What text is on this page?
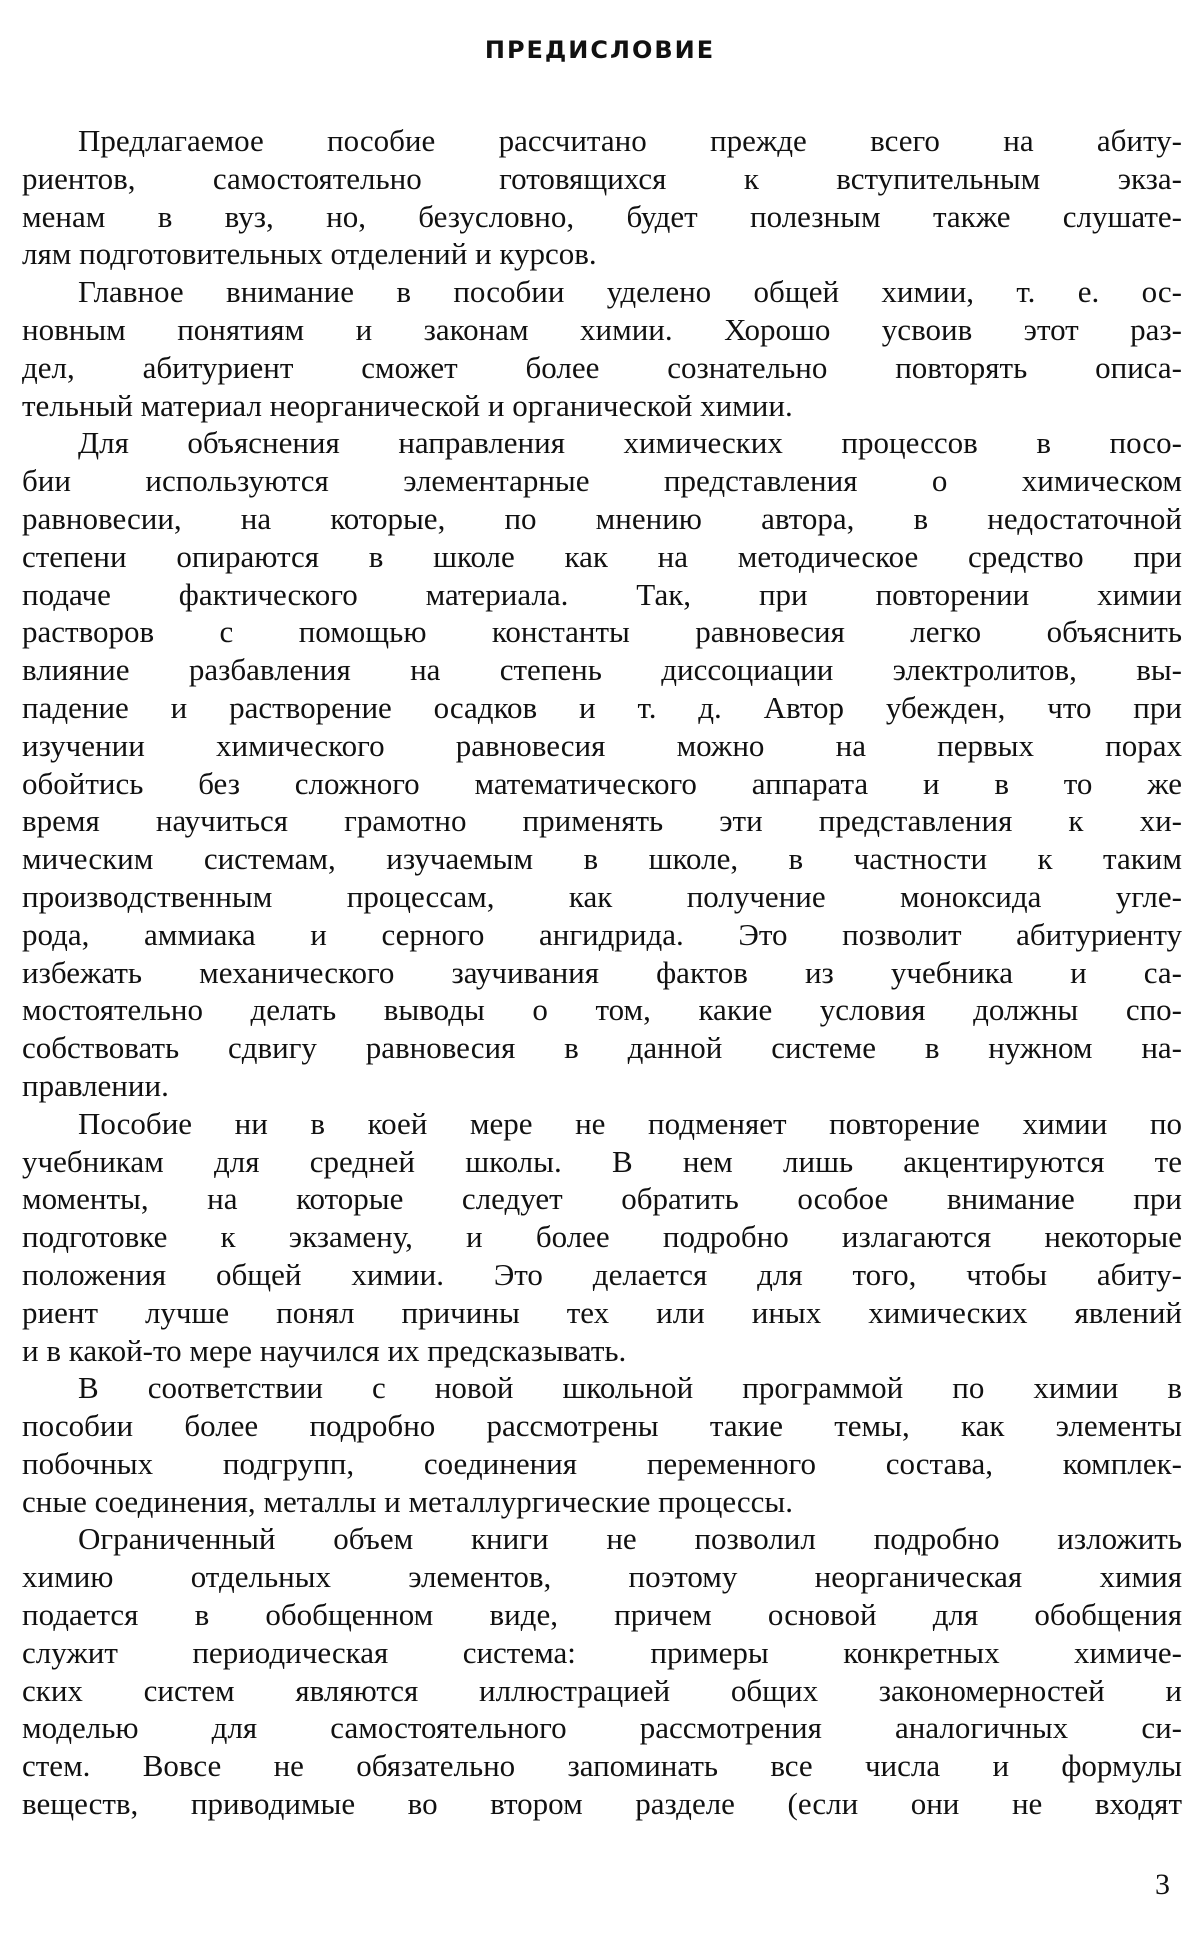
ПРЕДИСЛОВИЕ
Предлагаемое пособие рассчитано прежде всего на абиту-
риентов, самостоятельно готовящихся к вступительным экза-
менам в вуз, но, безусловно, будет полезным также слушате-
лям подготовительных отделений и курсов.
Главное внимание в пособии уделено общей химии, т. е. ос-
новным понятиям и законам химии. Хорошо усвоив этот раз-
дел, абитуриент сможет более сознательно повторять описа-
тельный материал неорганической и органической химии.
Для объяснения направления химических процессов в посо-
бии используются элементарные представления о химическом
равновесии, на которые, по мнению автора, в недостаточной
степени опираются в школе как на методическое средство при
подаче фактического материала. Так, при повторении химии
растворов с помощью константы равновесия легко объяснить
влияние разбавления на степень диссоциации электролитов, вы-
падение и растворение осадков и т. д. Автор убежден, что при
изучении химического равновесия можно на первых порах
обойтись без сложного математического аппарата и в то же
время научиться грамотно применять эти представления к хи-
мическим системам, изучаемым в школе, в частности к таким
производственным процессам, как получение моноксида угле-
рода, аммиака и серного ангидрида. Это позволит абитуриенту
избежать механического заучивания фактов из учебника и са-
мостоятельно делать выводы о том, какие условия должны спо-
собствовать сдвигу равновесия в данной системе в нужном на-
правлении.
Пособие ни в коей мере не подменяет повторение химии по
учебникам для средней школы. В нем лишь акцентируются те
моменты, на которые следует обратить особое внимание при
подготовке к экзамену, и более подробно излагаются некоторые
положения общей химии. Это делается для того, чтобы абиту-
риент лучше понял причины тех или иных химических явлений
и в какой-то мере научился их предсказывать.
В соответствии с новой школьной программой по химии в
пособии более подробно рассмотрены такие темы, как элементы
побочных подгрупп, соединения переменного состава, комплек-
сные соединения, металлы и металлургические процессы.
Ограниченный объем книги не позволил подробно изложить
химию отдельных элементов, поэтому неорганическая химия
подается в обобщенном виде, причем основой для обобщения
служит периодическая система: примеры конкретных химиче-
ских систем являются иллюстрацией общих закономерностей и
моделью для самостоятельного рассмотрения аналогичных си-
стем. Вовсе не обязательно запоминать все числа и формулы
веществ, приводимые во втором разделе (если они не входят

3
